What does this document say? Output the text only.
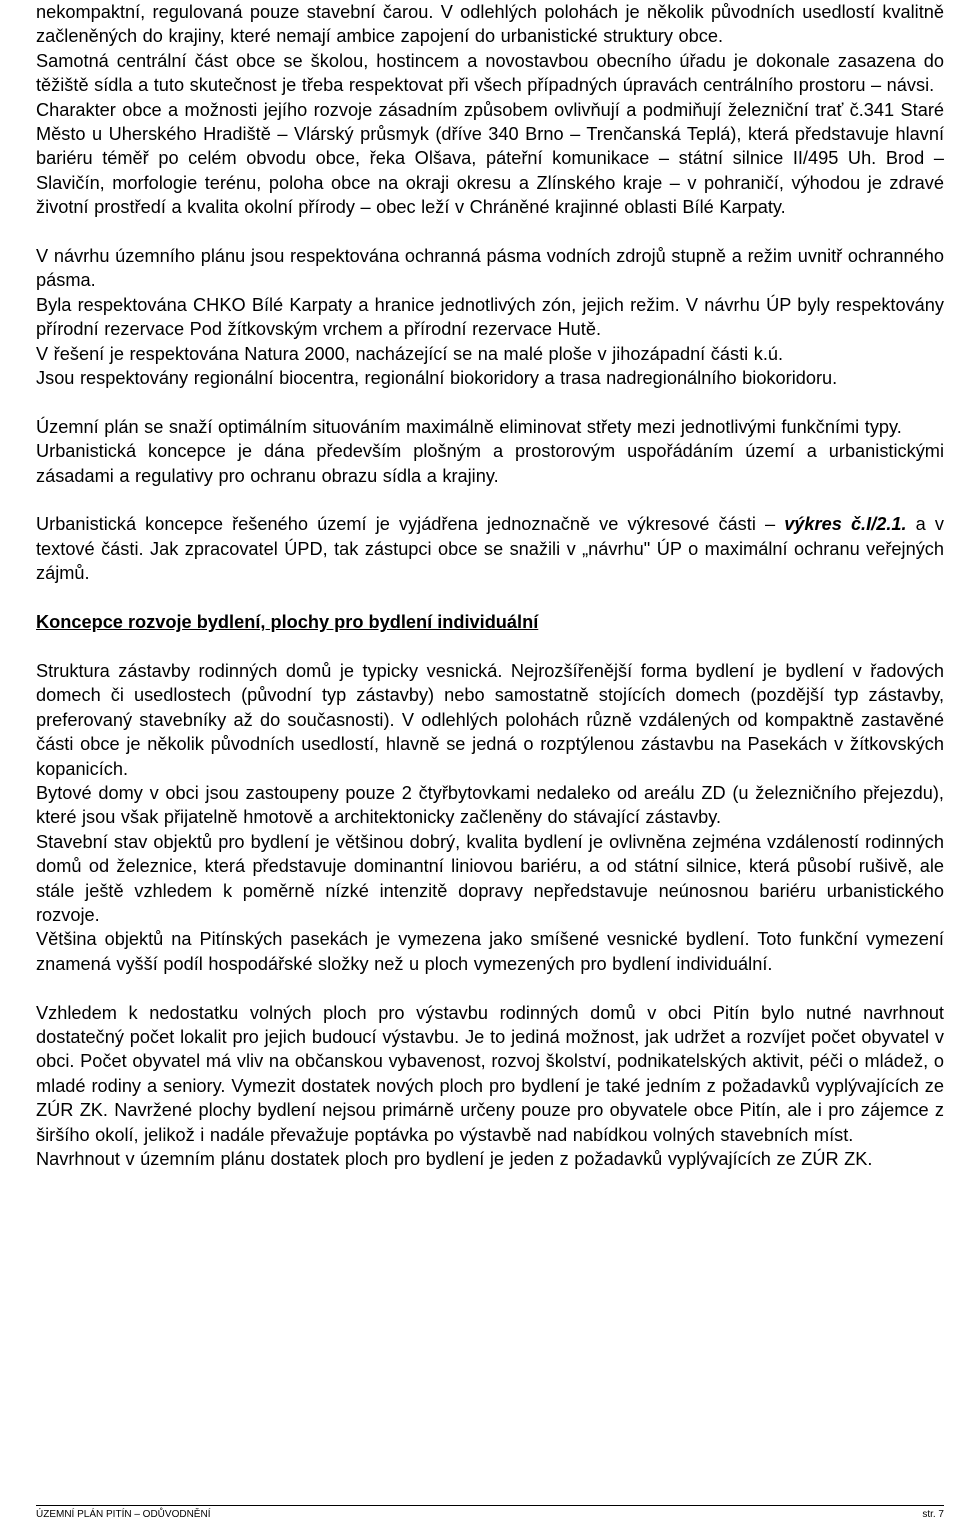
nekompaktní, regulovaná pouze stavební čarou. V odlehlých polohách je několik původních usedlostí kvalitně začleněných do krajiny, které nemají ambice zapojení do urbanistické struktury obce.

Samotná centrální část obce se školou, hostincem a novostavbou obecního úřadu je dokonale zasazena do těžiště sídla a tuto skutečnost je třeba respektovat při všech případných úpravách centrálního prostoru – návsi.

Charakter obce a možnosti jejího rozvoje zásadním způsobem ovlivňují a podmiňují železniční trať č.341 Staré Město u Uherského Hradiště – Vlárský průsmyk (dříve 340 Brno – Trenčanská Teplá), která představuje hlavní bariéru téměř po celém obvodu obce, řeka Olšava, páteřní komunikace – státní silnice II/495 Uh. Brod – Slavičín, morfologie terénu, poloha obce na okraji okresu a Zlínského kraje – v pohraničí, výhodou je zdravé životní prostředí a kvalita okolní přírody – obec leží v Chráněné krajinné oblasti Bílé Karpaty.

V návrhu územního plánu jsou respektována ochranná pásma vodních zdrojů stupně a režim uvnitř ochranného pásma.

Byla respektována CHKO Bílé Karpaty a hranice jednotlivých zón, jejich režim. V návrhu ÚP byly respektovány přírodní rezervace Pod žítkovským vrchem a přírodní rezervace Hutě.

V řešení je respektována Natura 2000, nacházející se na malé ploše v jihozápadní části k.ú.

Jsou respektovány regionální biocentra, regionální biokoridory a trasa nadregionálního biokoridoru.

Územní plán se snaží optimálním situováním maximálně eliminovat střety mezi jednotlivými funkčními typy.

Urbanistická koncepce je dána především plošným a prostorovým uspořádáním území a urbanistickými zásadami a regulativy pro ochranu obrazu sídla a krajiny.

Urbanistická koncepce řešeného území je vyjádřena jednoznačně ve výkresové části – výkres č.I/2.1. a v textové části. Jak zpracovatel ÚPD, tak zástupci obce se snažili v „návrhu" ÚP o maximální ochranu veřejných zájmů.

Koncepce rozvoje bydlení, plochy pro bydlení individuální

Struktura zástavby rodinných domů je typicky vesnická. Nejrozšířenější forma bydlení je bydlení v řadových domech či usedlostech (původní typ zástavby) nebo samostatně stojících domech (pozdější typ zástavby, preferovaný stavebníky až do současnosti). V odlehlých polohách různě vzdálených od kompaktně zastavěné části obce je několik původních usedlostí, hlavně se jedná o rozptýlenou zástavbu na Pasekách v žítkovských kopanicích.

Bytové domy v obci jsou zastoupeny pouze 2 čtyřbytovkami nedaleko od areálu ZD (u železničního přejezdu), které jsou však přijatelně hmotově a architektonicky začleněny do stávající zástavby.

Stavební stav objektů pro bydlení je většinou dobrý, kvalita bydlení je ovlivněna zejména vzdáleností rodinných domů od železnice, která představuje dominantní liniovou bariéru, a od státní silnice, která působí rušivě, ale stále ještě vzhledem k poměrně nízké intenzitě dopravy nepředstavuje neúnosnou bariéru urbanistického rozvoje.

Většina objektů na Pitínských pasekách je vymezena jako smíšené vesnické bydlení. Toto funkční vymezení znamená vyšší podíl hospodářské složky než u ploch vymezených pro bydlení individuální.

Vzhledem k nedostatku volných ploch pro výstavbu rodinných domů v obci Pitín bylo nutné navrhnout dostatečný počet lokalit pro jejich budoucí výstavbu. Je to jediná možnost, jak udržet a rozvíjet počet obyvatel v obci. Počet obyvatel má vliv na občanskou vybavenost, rozvoj školství, podnikatelských aktivit, péči o mládež, o mladé rodiny a seniory. Vymezit dostatek nových ploch pro bydlení je také jedním z požadavků vyplývajících ze ZÚR ZK. Navržené plochy bydlení nejsou primárně určeny pouze pro obyvatele obce Pitín, ale i pro zájemce z širšího okolí, jelikož i nadále převažuje poptávka po výstavbě nad nabídkou volných stavebních míst.

Navrhnout v územním plánu dostatek ploch pro bydlení je jeden z požadavků vyplývajících ze ZÚR ZK.

ÚZEMNÍ PLÁN PITÍN – ODŮVODNĚNÍ	str. 7
